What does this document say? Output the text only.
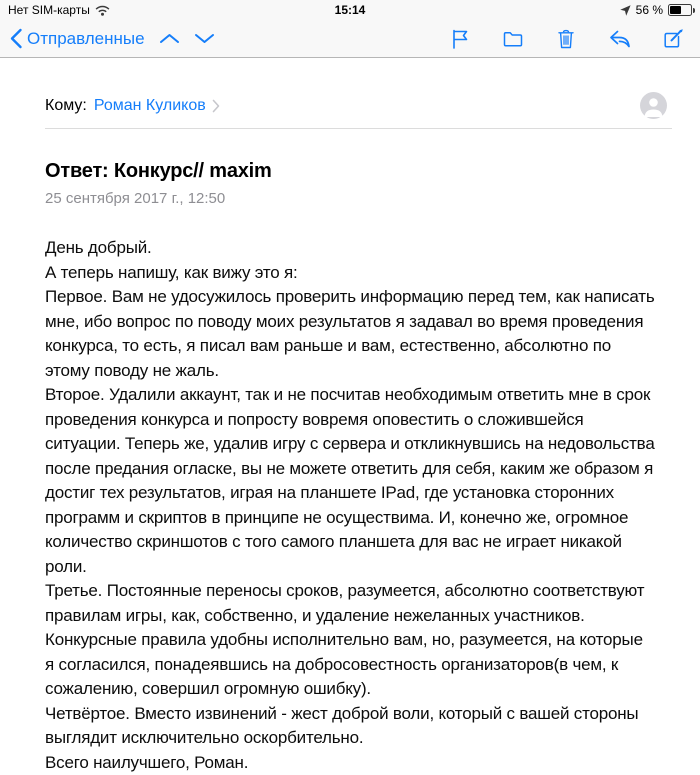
Нет SIM-карты	15:14	56 %
Отправленные
Кому: Роман Куликов
Ответ: Конкурс// maxim
25 сентября 2017 г., 12:50

День добрый.

А теперь напишу, как вижу это я:

Первое. Вам не удосужилось проверить информацию перед тем, как написать мне, ибо вопрос по поводу моих результатов я задавал во время проведения конкурса, то есть, я писал вам раньше и вам, естественно, абсолютно по этому поводу не жаль.

Второе. Удалили аккаунт, так и не посчитав необходимым ответить мне в срок проведения конкурса и попросту вовремя оповестить о сложившейся ситуации. Теперь же, удалив игру с сервера и откликнувшись на недовольства после предания огласке, вы не можете ответить для себя, каким же образом я достиг тех результатов, играя на планшете IPad, где установка сторонних программ и скриптов в принципе не осуществима. И, конечно же, огромное количество скриншотов с того самого планшета для вас не играет никакой роли.

Третье. Постоянные переносы сроков, разумеется, абсолютно соответствуют правилам игры, как, собственно, и удаление нежеланных участников. Конкурсные правила удобны исполнительно вам, но, разумеется, на которые я согласился, понадеявшись на добросовестность организаторов(в чем, к сожалению, совершил огромную ошибку).

Четвёртое. Вместо извинений - жест доброй воли, который с вашей стороны выглядит исключительно оскорбительно.

Всего наилучшего, Роман.
